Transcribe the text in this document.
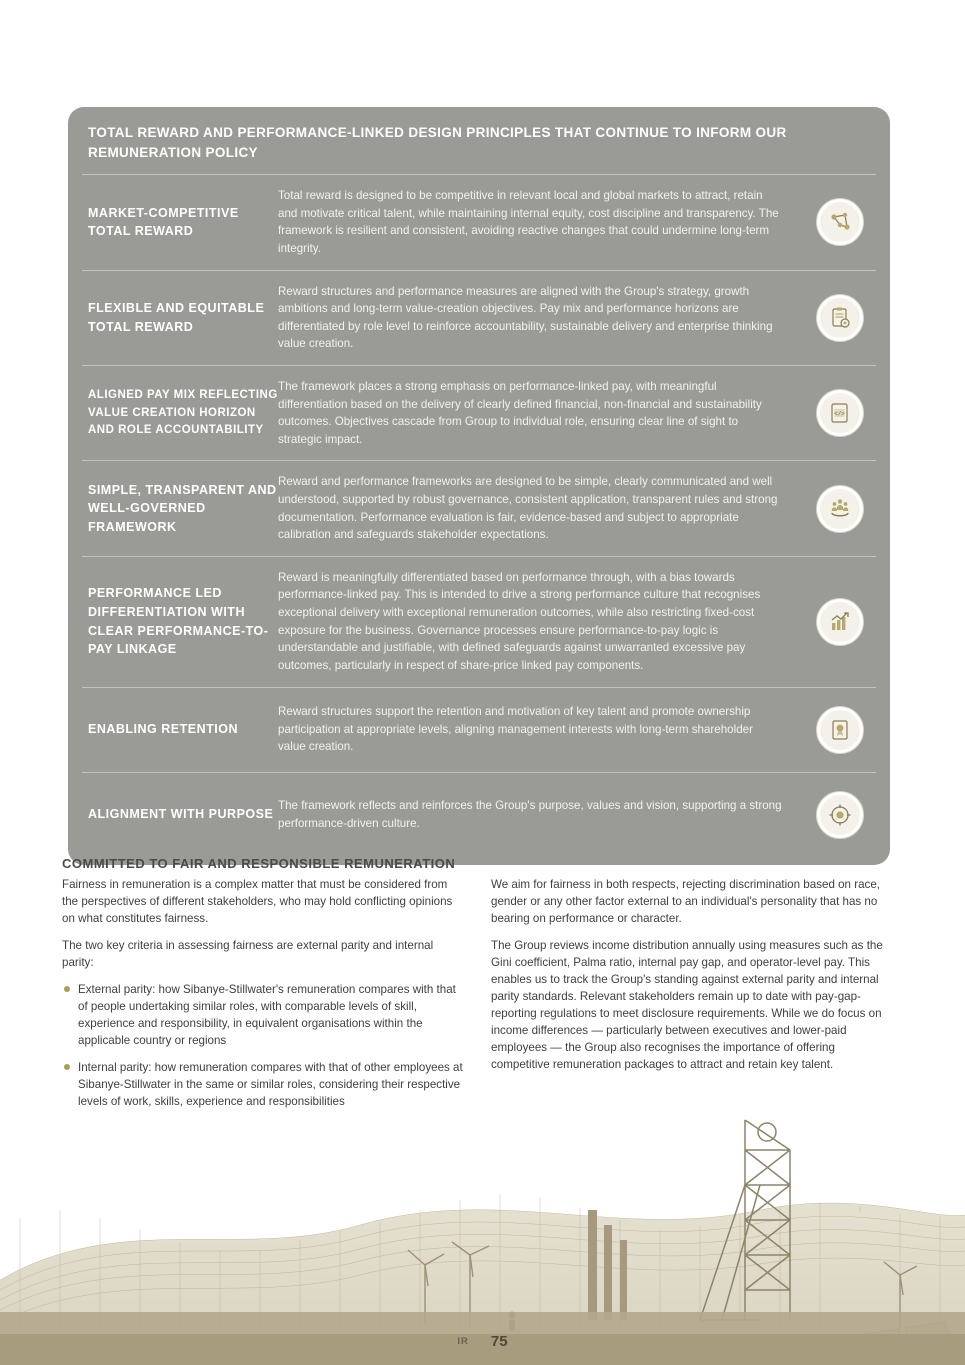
TOTAL REWARD AND PERFORMANCE-LINKED DESIGN PRINCIPLES THAT CONTINUE TO INFORM OUR REMUNERATION POLICY
MARKET-COMPETITIVE TOTAL REWARD
Total reward is designed to be competitive in relevant local and global markets to attract, retain and motivate critical talent, while maintaining internal equity, cost discipline and transparency. The framework is resilient and consistent, avoiding reactive changes that could undermine long-term integrity.
FLEXIBLE AND EQUITABLE TOTAL REWARD
Reward structures and performance measures are aligned with the Group's strategy, growth ambitions and long-term value-creation objectives. Pay mix and performance horizons are differentiated by role level to reinforce accountability, sustainable delivery and enterprise thinking value creation.
ALIGNED PAY MIX REFLECTING VALUE CREATION HORIZON AND ROLE ACCOUNTABILITY
The framework places a strong emphasis on performance-linked pay, with meaningful differentiation based on the delivery of clearly defined financial, non-financial and sustainability outcomes. Objectives cascade from Group to individual role, ensuring clear line of sight to strategic impact.
</>
SIMPLE, TRANSPARENT AND WELL-GOVERNED FRAMEWORK
Reward and performance frameworks are designed to be simple, clearly communicated and well understood, supported by robust governance, consistent application, transparent rules and strong documentation. Performance evaluation is fair, evidence-based and subject to appropriate calibration and safeguards stakeholder expectations.
PERFORMANCE LED DIFFERENTIATION WITH CLEAR PERFORMANCE-TO-PAY LINKAGE
Reward is meaningfully differentiated based on performance through, with a bias towards performance-linked pay. This is intended to drive a strong performance culture that recognises exceptional delivery with exceptional remuneration outcomes, while also restricting fixed-cost exposure for the business. Governance processes ensure performance-to-pay logic is understandable and justifiable, with defined safeguards against unwarranted excessive pay outcomes, particularly in respect of share-price linked pay components.
ENABLING RETENTION
Reward structures support the retention and motivation of key talent and promote ownership participation at appropriate levels, aligning management interests with long-term shareholder value creation.
ALIGNMENT WITH PURPOSE
The framework reflects and reinforces the Group's purpose, values and vision, supporting a strong performance-driven culture.
COMMITTED TO FAIR AND RESPONSIBLE REMUNERATION

Fairness in remuneration is a complex matter that must be considered from the perspectives of different stakeholders, who may hold conflicting opinions on what constitutes fairness.

The two key criteria in assessing fairness are external parity and internal parity:

External parity: how Sibanye-Stillwater's remuneration compares with that of people undertaking similar roles, with comparable levels of skill, experience and responsibility, in equivalent organisations within the applicable country or regions
Internal parity: how remuneration compares with that of other employees at Sibanye-Stillwater in the same or similar roles, considering their respective levels of work, skills, experience and responsibilities

We aim for fairness in both respects, rejecting discrimination based on race, gender or any other factor external to an individual's personality that has no bearing on performance or character.

The Group reviews income distribution annually using measures such as the Gini coefficient, Palma ratio, internal pay gap, and operator-level pay. This enables us to track the Group's standing against external parity and internal parity standards. Relevant stakeholders remain up to date with pay-gap-reporting regulations to meet disclosure requirements. While we do focus on income differences — particularly between executives and lower-paid employees — the Group also recognises the importance of offering competitive remuneration packages to attract and retain key talent.

IR 75
